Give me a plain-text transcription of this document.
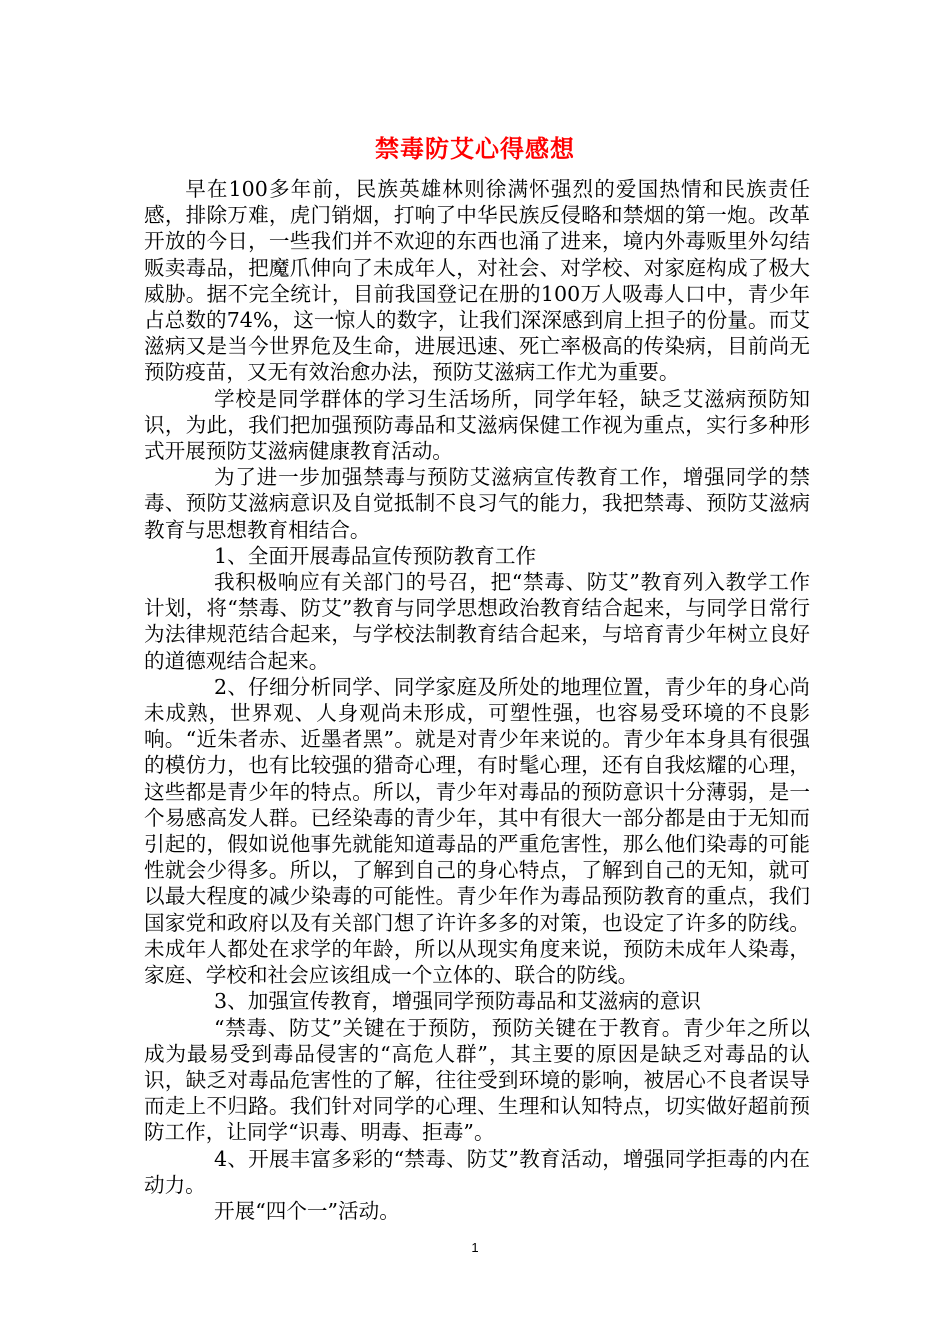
禁毒防艾心得感想

早在100多年前，民族英雄林则徐满怀强烈的爱国热情和民族责任感，排除万难，虎门销烟，打响了中华民族反侵略和禁烟的第一炮。改革开放的今日，一些我们并不欢迎的东西也涌了进来，境内外毒贩里外勾结贩卖毒品，把魔爪伸向了未成年人，对社会、对学校、对家庭构成了极大威胁。据不完全统计，目前我国登记在册的100万人吸毒人口中，青少年占总数的74%，这一惊人的数字，让我们深深感到肩上担子的份量。而艾滋病又是当今世界危及生命，进展迅速、死亡率极高的传染病，目前尚无预防疫苗，又无有效治愈办法，预防艾滋病工作尤为重要。

学校是同学群体的学习生活场所，同学年轻，缺乏艾滋病预防知识，为此，我们把加强预防毒品和艾滋病保健工作视为重点，实行多种形式开展预防艾滋病健康教育活动。

为了进一步加强禁毒与预防艾滋病宣传教育工作，增强同学的禁毒、预防艾滋病意识及自觉抵制不良习气的能力，我把禁毒、预防艾滋病教育与思想教育相结合。

1、全面开展毒品宣传预防教育工作

我积极响应有关部门的号召，把“禁毒、防艾”教育列入教学工作计划，将“禁毒、防艾”教育与同学思想政治教育结合起来，与同学日常行为法律规范结合起来，与学校法制教育结合起来，与培育青少年树立良好的道德观结合起来。

2、仔细分析同学、同学家庭及所处的地理位置，青少年的身心尚未成熟，世界观、人身观尚未形成，可塑性强，也容易受环境的不良影响。“近朱者赤、近墨者黑”。就是对青少年来说的。青少年本身具有很强的模仿力，也有比较强的猎奇心理，有时髦心理，还有自我炫耀的心理，这些都是青少年的特点。所以，青少年对毒品的预防意识十分薄弱，是一个易感高发人群。已经染毒的青少年，其中有很大一部分都是由于无知而引起的，假如说他事先就能知道毒品的严重危害性，那么他们染毒的可能性就会少得多。所以，了解到自己的身心特点，了解到自己的无知，就可以最大程度的减少染毒的可能性。青少年作为毒品预防教育的重点，我们国家党和政府以及有关部门想了许许多多的对策，也设定了许多的防线。未成年人都处在求学的年龄，所以从现实角度来说，预防未成年人染毒，家庭、学校和社会应该组成一个立体的、联合的防线。

3、加强宣传教育，增强同学预防毒品和艾滋病的意识

“禁毒、防艾”关键在于预防，预防关键在于教育。青少年之所以成为最易受到毒品侵害的“高危人群”，其主要的原因是缺乏对毒品的认识，缺乏对毒品危害性的了解，往往受到环境的影响，被居心不良者误导而走上不归路。我们针对同学的心理、生理和认知特点，切实做好超前预防工作，让同学“识毒、明毒、拒毒”。

4、开展丰富多彩的“禁毒、防艾”教育活动，增强同学拒毒的内在动力。

开展“四个一”活动。

1
